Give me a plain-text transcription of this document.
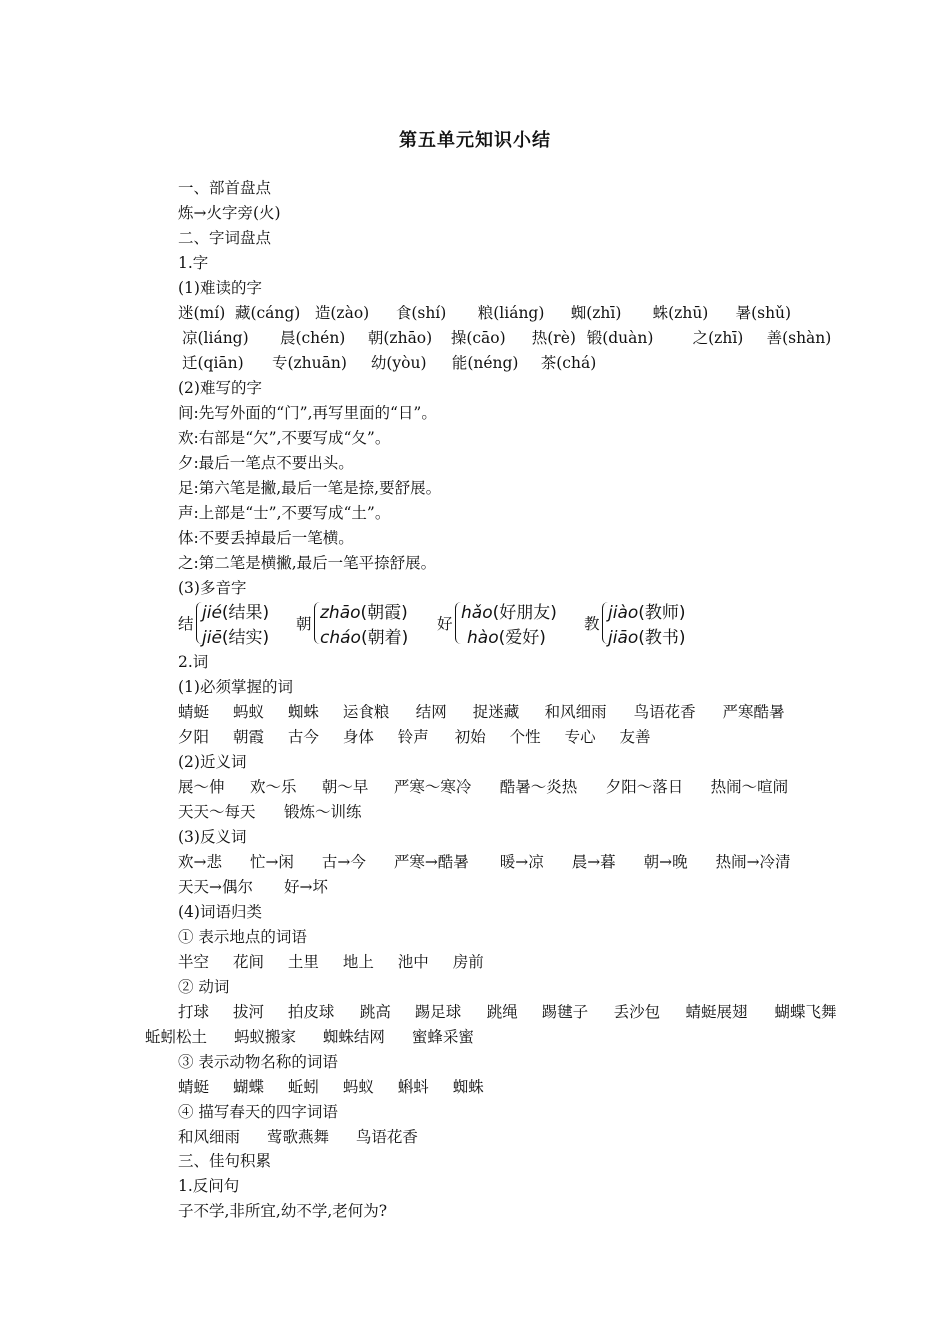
第五单元知识小结
一、部首盘点
炼→火字旁(火)
二、字词盘点
1.字
(1)难读的字
迷(mí) 藏(cáng) 造(zào) 食(shí) 粮(liáng) 蜘(zhī) 蛛(zhū) 暑(shǔ)
凉(liáng) 晨(chén) 朝(zhāo) 操(cāo) 热(rè) 锻(duàn)	之(zhī) 善(shàn)
迁(qiān) 专(zhuān) 幼(yòu) 能(néng) 茶(chá)
(2)难写的字
间:先写外面的“门”,再写里面的“日”。
欢:右部是“欠”,不要写成“夂”。
夕:最后一笔点不要出头。
足:第六笔是撇,最后一笔是捺,要舒展。
声:上部是“士”,不要写成“土”。
体:不要丢掉最后一笔横。
之:第二笔是横撇,最后一笔平捺舒展。
(3)多音字
结
jié(结果)
jiē(结实)
朝
zhāo(朝霞)
cháo(朝着)
好
hǎo(好朋友)
hào(爱好)
教
jiào(教师)
jiāo(教书)
2.词
(1)必须掌握的词
蜻蜓 蚂蚁 蜘蛛 运食粮 结网 捉迷藏 和风细雨 鸟语花香 严寒酷暑
夕阳 朝霞 古今 身体 铃声 初始 个性 专心 友善
(2)近义词
展～伸 欢～乐 朝～早 严寒～寒冷 酷暑～炎热 夕阳～落日 热闹～喧闹
天天～每天 锻炼～训练
(3)反义词
欢→悲 忙→闲 古→今 严寒→酷暑 暖→凉 晨→暮 朝→晚 热闹→冷清
天天→偶尔 好→坏
(4)词语归类
① 表示地点的词语
半空 花间 土里 地上 池中 房前
② 动词
打球 拔河 拍皮球 跳高 踢足球 跳绳 踢毽子 丢沙包 蜻蜓展翅 蝴蝶飞舞
蚯蚓松土 蚂蚁搬家 蜘蛛结网 蜜蜂采蜜
③ 表示动物名称的词语
蜻蜓 蝴蝶 蚯蚓 蚂蚁 蝌蚪 蜘蛛
④ 描写春天的四字词语
和风细雨 莺歌燕舞 鸟语花香
三、佳句积累
1.反问句
子不学,非所宜,幼不学,老何为?
